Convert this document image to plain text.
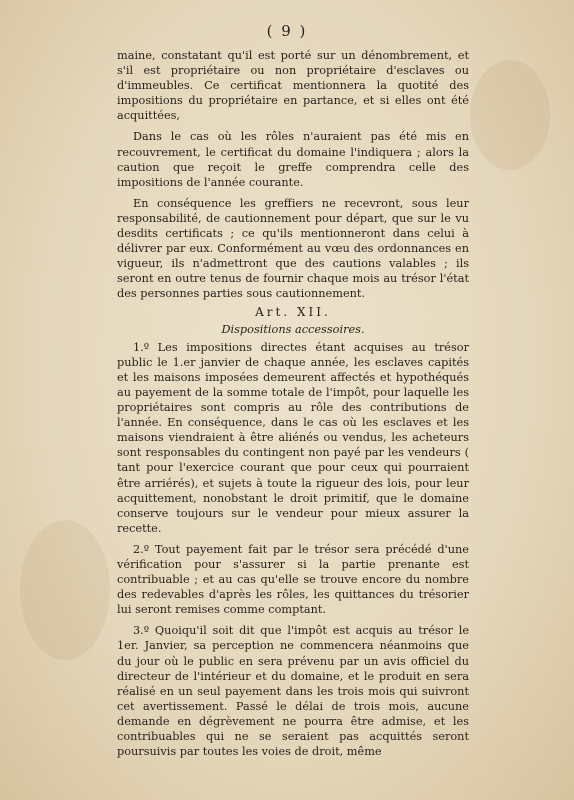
( 9 )

maine, constatant qu'il est porté sur un dénombrement, et s'il est propriétaire ou non propriétaire d'esclaves ou d'immeubles. Ce certificat mentionnera la quotité des impositions du propriétaire en partance, et si elles ont été acquittées,

Dans le cas où les rôles n'auraient pas été mis en recouvrement, le certificat du domaine l'indiquera ; alors la caution que reçoit le greffe comprendra celle des impositions de l'année courante.

En conséquence les greffiers ne recevront, sous leur responsabilité, de cautionnement pour départ, que sur le vu desdits certificats ; ce qu'ils mentionneront dans celui à délivrer par eux. Conformément au vœu des ordonnances en vigueur, ils n'admettront que des cautions valables ; ils seront en outre tenus de fournir chaque mois au trésor l'état des personnes parties sous cautionnement.

Art. XII.
Dispositions accessoires.

1.º Les impositions directes étant acquises au trésor public le 1.er janvier de chaque année, les esclaves capités et les maisons imposées demeurent affectés et hypothéqués au payement de la somme totale de l'impôt, pour laquelle les propriétaires sont compris au rôle des contributions de l'année. En conséquence, dans le cas où les esclaves et les maisons viendraient à être aliénés ou vendus, les acheteurs sont responsables du contingent non payé par les vendeurs ( tant pour l'exercice courant que pour ceux qui pourraient être arriérés), et sujets à toute la rigueur des lois, pour leur acquittement, nonobstant le droit primitif, que le domaine conserve toujours sur le vendeur pour mieux assurer la recette.

2.º Tout payement fait par le trésor sera précédé d'une vérification pour s'assurer si la partie prenante est contribuable ; et au cas qu'elle se trouve encore du nombre des redevables d'après les rôles, les quittances du trésorier lui seront remises comme comptant.

3.º Quoiqu'il soit dit que l'impôt est acquis au trésor le 1er. Janvier, sa perception ne commencera néanmoins que du jour où le public en sera prévenu par un avis officiel du directeur de l'intérieur et du domaine, et le produit en sera réalisé en un seul payement dans les trois mois qui suivront cet avertissement. Passé le délai de trois mois, aucune demande en dégrèvement ne pourra être admise, et les contribuables qui ne se seraient pas acquittés seront poursuivis par toutes les voies de droit, même
